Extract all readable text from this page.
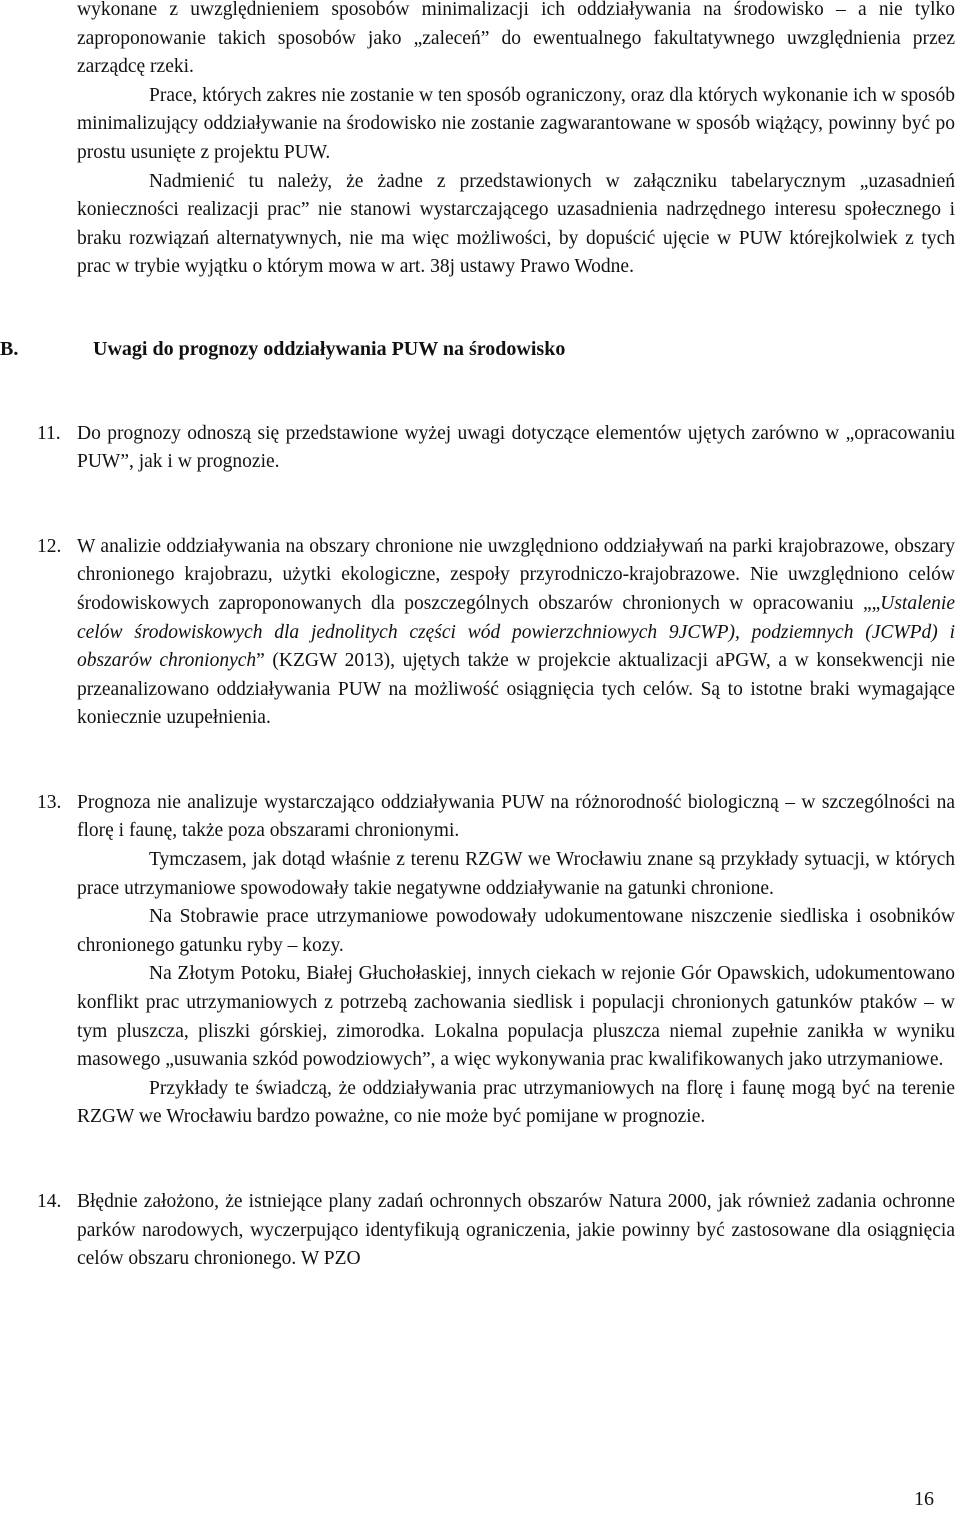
wykonane z uwzględnieniem sposobów minimalizacji ich oddziaływania na środowisko – a nie tylko zaproponowanie takich sposobów jako „zaleceń” do ewentualnego fakultatywnego uwzględnienia przez zarządcę rzeki.

Prace, których zakres nie zostanie w ten sposób ograniczony, oraz dla których wykonanie ich w sposób minimalizujący oddziaływanie na środowisko nie zostanie zagwarantowane w sposób wiążący, powinny być po prostu usunięte z projektu PUW.

Nadmienić tu należy, że żadne z przedstawionych w załączniku tabelarycznym „uzasadnień konieczności realizacji prac” nie stanowi wystarczającego uzasadnienia nadrzędnego interesu społecznego i braku rozwiązań alternatywnych, nie ma więc możliwości, by dopuścić ujęcie w PUW którejkolwiek z tych prac w trybie wyjątku o którym mowa w art. 38j ustawy Prawo Wodne.

B.	Uwagi do prognozy oddziaływania PUW na środowisko
11. Do prognozy odnoszą się przedstawione wyżej uwagi dotyczące elementów ujętych zarówno w „opracowaniu PUW”, jak i w prognozie.

12. W analizie oddziaływania na obszary chronione nie uwzględniono oddziaływań na parki krajobrazowe, obszary chronionego krajobrazu, użytki ekologiczne, zespoły przyrodniczo-krajobrazowe. Nie uwzględniono celów środowiskowych zaproponowanych dla poszczególnych obszarów chronionych w opracowaniu „„Ustalenie celów środowiskowych dla jednolitych części wód powierzchniowych 9JCWP), podziemnych (JCWPd) i obszarów chronionych” (KZGW 2013), ujętych także w projekcie aktualizacji aPGW, a w konsekwencji nie przeanalizowano oddziaływania PUW na możliwość osiągnięcia tych celów. Są to istotne braki wymagające koniecznie uzupełnienia.

13. Prognoza nie analizuje wystarczająco oddziaływania PUW na różnorodność biologiczną – w szczególności na florę i faunę, także poza obszarami chronionymi.

Tymczasem, jak dotąd właśnie z terenu RZGW we Wrocławiu znane są przykłady sytuacji, w których prace utrzymaniowe spowodowały takie negatywne oddziaływanie na gatunki chronione.

Na Stobrawie prace utrzymaniowe powodowały udokumentowane niszczenie siedliska i osobników chronionego gatunku ryby – kozy.

Na Złotym Potoku, Białej Głuchołaskiej, innych ciekach w rejonie Gór Opawskich, udokumentowano konflikt prac utrzymaniowych z potrzebą zachowania siedlisk i populacji chronionych gatunków ptaków – w tym pluszcza, pliszki górskiej, zimorodka. Lokalna populacja pluszcza niemal zupełnie zanikła w wyniku masowego „usuwania szkód powodziowych”, a więc wykonywania prac kwalifikowanych jako utrzymaniowe.

Przykłady te świadczą, że oddziaływania prac utrzymaniowych na florę i faunę mogą być na terenie RZGW we Wrocławiu bardzo poważne, co nie może być pomijane w prognozie.

14. Błędnie założono, że istniejące plany zadań ochronnych obszarów Natura 2000, jak również zadania ochronne parków narodowych, wyczerpująco identyfikują ograniczenia, jakie powinny być zastosowane dla osiągnięcia celów obszaru chronionego. W PZO

16
